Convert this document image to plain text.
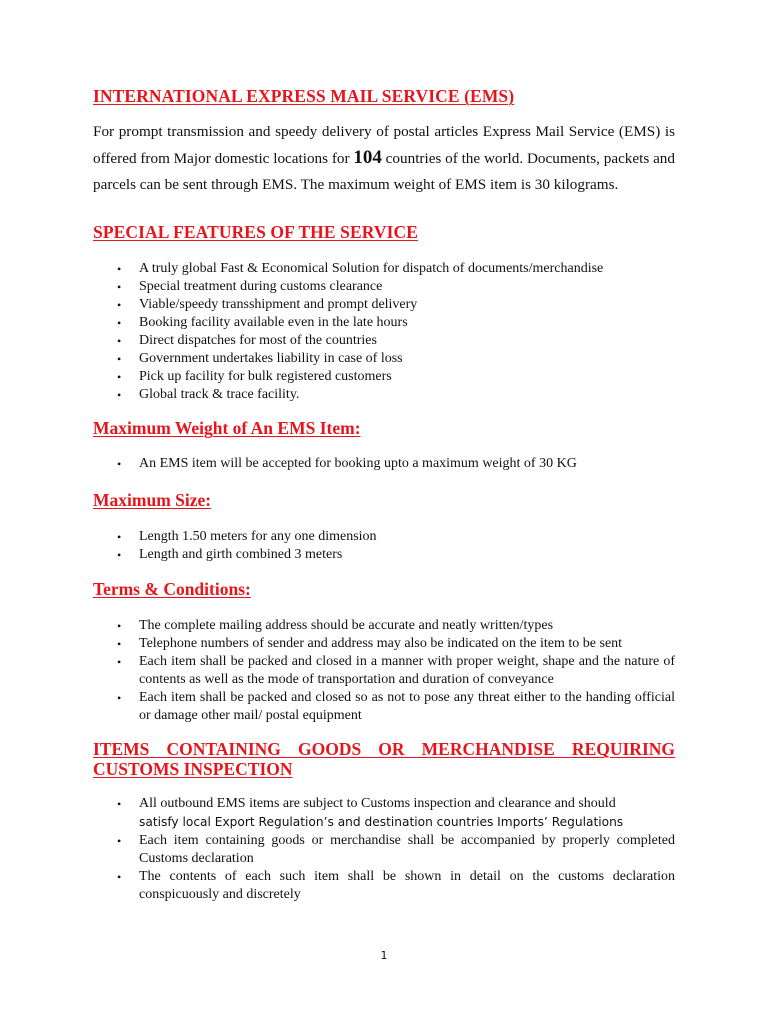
INTERNATIONAL EXPRESS MAIL SERVICE (EMS)

For prompt transmission and speedy delivery of postal articles Express Mail Service (EMS) is offered from Major domestic locations for 104 countries of the world. Documents, packets and parcels can be sent through EMS. The maximum weight of EMS item is 30 kilograms.

SPECIAL FEATURES OF THE SERVICE
• A truly global Fast & Economical Solution for dispatch of documents/merchandise
• Special treatment during customs clearance
• Viable/speedy transshipment and prompt delivery
• Booking facility available even in the late hours
• Direct dispatches for most of the countries
• Government undertakes liability in case of loss
• Pick up facility for bulk registered customers
• Global track & trace facility.
Maximum Weight of An EMS Item:
• An EMS item will be accepted for booking upto a maximum weight of 30 KG
Maximum Size:
• Length 1.50 meters for any one dimension
• Length and girth combined 3 meters
Terms & Conditions:
• The complete mailing address should be accurate and neatly written/types
• Telephone numbers of sender and address may also be indicated on the item to be sent
• Each item shall be packed and closed in a manner with proper weight, shape and the nature of contents as well as the mode of transportation and duration of conveyance
• Each item shall be packed and closed so as not to pose any threat either to the handing official or damage other mail/ postal equipment
ITEMS CONTAINING GOODS OR MERCHANDISE REQUIRING CUSTOMS INSPECTION
• All outbound EMS items are subject to Customs inspection and clearance and should
satisfy local Export Regulation’s and destination countries Imports’ Regulations
• Each item containing goods or merchandise shall be accompanied by properly completed Customs declaration
• The contents of each such item shall be shown in detail on the customs declaration conspicuously and discretely
1
